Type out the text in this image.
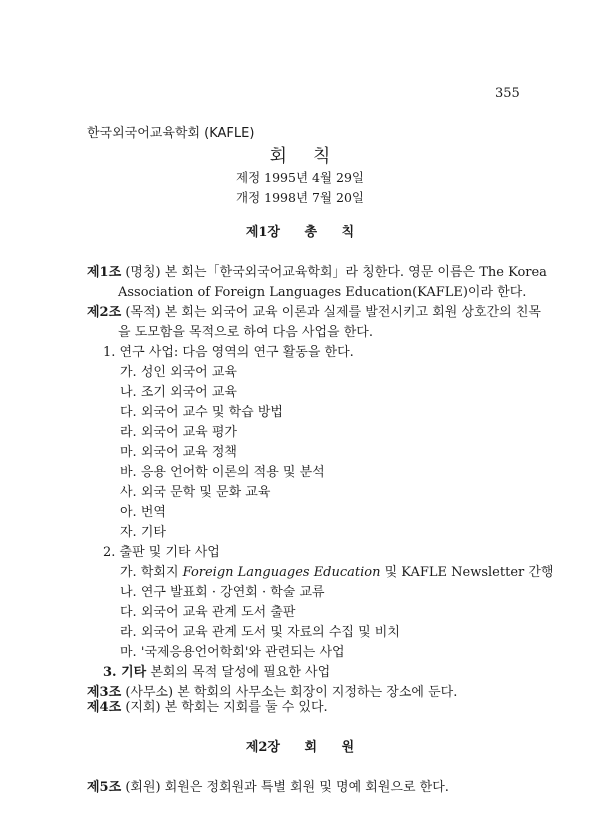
355
한국외국어교육학회 (KAFLE)
회칙
제정 1995년 4월 29일
개정 1998년 7월 20일
제1장 총 칙
제1조 (명칭) 본 회는「한국외국어교육학회」라 칭한다. 영문 이름은 The Korea
Association of Foreign Languages Education(KAFLE)이라 한다.
제2조 (목적) 본 회는 외국어 교육 이론과 실제를 발전시키고 회원 상호간의 친목
을 도모함을 목적으로 하여 다음 사업을 한다.
1. 연구 사업: 다음 영역의 연구 활동을 한다.
가. 성인 외국어 교육
나. 조기 외국어 교육
다. 외국어 교수 및 학습 방법
라. 외국어 교육 평가
마. 외국어 교육 정책
바. 응용 언어학 이론의 적용 및 분석
사. 외국 문학 및 문화 교육
아. 번역
자. 기타
2. 출판 및 기타 사업
가. 학회지 Foreign Languages Education 및 KAFLE Newsletter 간행
나. 연구 발표회 · 강연회 · 학술 교류
다. 외국어 교육 관계 도서 출판
라. 외국어 교육 관계 도서 및 자료의 수집 및 비치
마. '국제응용언어학회'와 관련되는 사업
3. 기타 본회의 목적 달성에 필요한 사업
제3조 (사무소) 본 학회의 사무소는 회장이 지정하는 장소에 둔다.
제4조 (지회) 본 학회는 지회를 둘 수 있다.
제2장 회 원
제5조 (회원) 회원은 정회원과 특별 회원 및 명예 회원으로 한다.
